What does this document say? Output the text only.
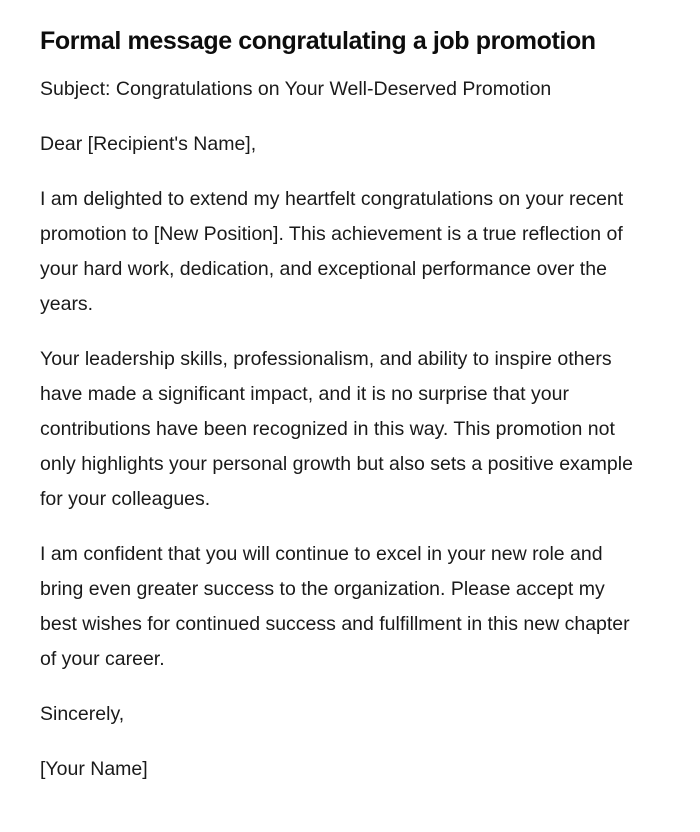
Formal message congratulating a job promotion

Subject: Congratulations on Your Well-Deserved Promotion

Dear [Recipient's Name],

I am delighted to extend my heartfelt congratulations on your recent promotion to [New Position]. This achievement is a true reflection of your hard work, dedication, and exceptional performance over the years.

Your leadership skills, professionalism, and ability to inspire others have made a significant impact, and it is no surprise that your contributions have been recognized in this way. This promotion not only highlights your personal growth but also sets a positive example for your colleagues.

I am confident that you will continue to excel in your new role and bring even greater success to the organization. Please accept my best wishes for continued success and fulfillment in this new chapter of your career.

Sincerely,

[Your Name]
